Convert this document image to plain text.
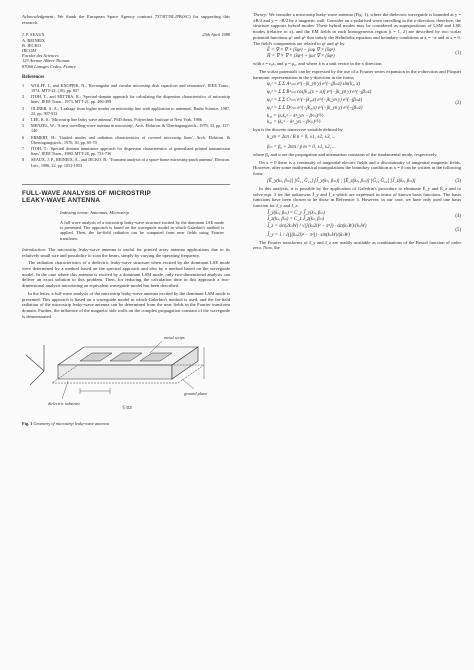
Acknowledgment: We thank the European Space Agency contract 737/87/NL/PB(SC) for supporting this research.

J. P. SEAUX
A. REINEIX
B. JECKO
25th April 1988
IRCOM
Faculté des Sciences
123 Avenue Albert-Thomas
87060 Limoges Cedex, France
References
1	WOLFF, I., and KNOPPIK, N.: 'Rectangular and circular microstrip disk capacitors and resonators', IEEE Trans., 1974, MTT-22, (10), pp. 857
2	ITOH, T., and MITTRA, R.: 'Spectral-domain approach for calculating the dispersion characteristics of microstrip lines', IEEE Trans., 1973, MTT-21, pp. 496-499
3	OLINER, A. A.: 'Leakage from higher modes on microstrip line with application to antennas', Radio Science, 1987, 22, pp. 907-912
4	LEE, K. S.: 'Microstrip line leaky wave antenna'. PhD thesis, Polytechnic Institute of New York, 1986
5	MENZEL, W.: 'A new travelling-wave antenna in microstrip', Arch. Elektron. & Übertragungstech., 1979, 33, pp. 137-140
6	ERMERT, H.: 'Guided modes and radiation characteristics of covered microstrip lines', Arch. Elektron. & Übertragungstech., 1976, 30, pp. 65-70
7	ITOH, T.: 'Spectral domain immitance approach for dispersion characteristics of generalized printed transmission lines', IEEE Trans., 1980, MTT-28, pp. 733-736
8	SEAUX, J. P., REINEIX, A., and JECKO, B.: 'Transient analysis of a space-borne microstrip patch antenna', Electron. Lett., 1986, 22, pp. 1052-1053
FULL-WAVE ANALYSIS OF MICROSTRIP
LEAKY-WAVE ANTENNA
Indexing terms: Antennas, Microstrip
A full-wave analysis of a microstrip leaky-wave structure excited by the dominant LSE mode is presented. The approach is based on the waveguide model in which Galerkin's method is applied. Then, the far-field radiation can be computed from near fields using Fourier transform.

Introduction: The microstrip leaky-wave antenna is useful for printed array antenna applications due to its relatively small size and possibility to scan the beam, simply by varying the operating frequency.

The radiation characteristics of a dielectric leaky-wave structure when excited by the dominant LSE mode were determined by a method based on the spectral approach and also by a method based on the waveguide model. In the case where this antenna is excited by a dominant LSM mode, only two-dimensional analysis can deliver an exact solution to this problem. Then, for reducing the calculation time in this approach a two-dimensional analysis introducing an equivalent waveguide model has been described.

In the letter, a full-wave analysis of the microstrip leaky-wave antenna excited by the dominant LSM mode is presented. This approach is based on a waveguide model in which Galerkin's method is used, and the far-field radiation of the microstrip leaky-wave antenna can be determined from the near fields in the Fourier transform domain. Further, the influence of the magnetic side walls on the complex propagation constant of the waveguide is demonstrated.

metal strips
ground plane
dielectric substrate
ⓑ03
Fig. 1 Geometry of microstrip leaky-wave antenna

Theory: We consider a microstrip leaky-wave antenna (Fig. 1), where the dielectric waveguide is bounded at y = ±B/2 and y = −B/2 by a magnetic wall. Consider an x-polarised wave travelling in the z-direction; therefore, the structure supports hybrid modes. These hybrid modes may be considered as superpositions of LSM and LSE modes (relative to x), and the EM fields in each homogeneous region (i = 1, 2) are described by two scalar potential functions φᵉ and φʰ that satisfy the Helmholtz equation and boundary conditions at x = −a and at x = 0. The field's components are related to φᵉ and φʰ by

Ē = ∇ × ∇ × (x̂φᵉ) − jωμ ∇ × (x̂φʰ)
H̄ = ∇ × ∇ × (x̂φʰ) + jωε ∇ × (x̂φᵉ)
(1)

with ε = ε₀εᵣ and μ = μ₀, and where x̂ is a unit vector in the x direction.

The scalar potentials can be expressed by the use of a Fourier series expansion in the z-direction and Floquet harmonic representation in the y-direction in the forms

φ₁ᵉ = Σ Σ A¹ₙₘ e^(−jk_yn y) e^(−jβₘz) sin(k₁ₓ x)
φ₁ʰ = Σ Σ B¹ₙₘ cos[k₁ₓ(x + a)] e^(−jk_yn y) e^(−jβₘz)
φ₂ᵉ = Σ Σ C²ₙₘ e^(−jk₂ₓx) e^(−jk_yn y) e^(−jβₘz)
φ₂ʰ = Σ Σ D²ₙₘ e^(−jk₂ₓx) e^(−jk_yn y) e^(−jβₘz)
k₁ₓ = (εᵣk₀² − k²_yn − β²ₘ)^½
k₂ₓ = (k₀² − k²_yn − β²ₘ)^½
(2)

kyn is the discrete transverse variable defined by

k_yn = 2nπ / B n = 0, ±1, ±2, ±3, ...
βₘ = β₀ + 2mπ / p m = 0, ±1, ±2, ...

where β₀ and α are the propagation and attenuation constants of the fundamental mode, respectively.

On x = 0 there is a continuity of tangential electric fields and a discontinuity of tangential magnetic fields. However, after some mathematical manipulations the boundary condition at x = 0 can be written in the following form:

[Ẽ_y(kₙ, βₘ)] [Ĝ₁₁ Ĝ₁₂] [J̃_y(kₙ, βₘ)] ; [Ẽ_z(kₙ, βₘ)] [Ĝ₂₁ Ĝ₂₂] [J̃_z(kₙ, βₘ)]	(3)

In this analysis, it is possible by the application of Galerkin's procedure to eliminate Ẽ_y and Ẽ_z and to solve eqn. 3 for the unknowns J̃_y and J̃_z which are expressed in terms of known basis functions. The basis functions have been chosen to be those in Reference 3. However, in our case, we have only used one basis function for J_y and J_z:

J̃_y(kₙ, βₘ) = C_y J̃_y(kₙ, βₘ)
J̃_z(kₙ, βₘ) = C_z J̃_z(kₙ, βₘ)
(4)
J̃_z = sin(2kₙW) / √([(kₙ2l)² − π²]) · sin(kₙW)/(kₙW)
J̃_y = 1 / √([(kₙ2l)² − π²]) · sin(kₙW)/(kₙW)
(5)

The Fourier transforms of J_y and J_z are readily available as combinations of the Bessel function of order zero. Now, the
